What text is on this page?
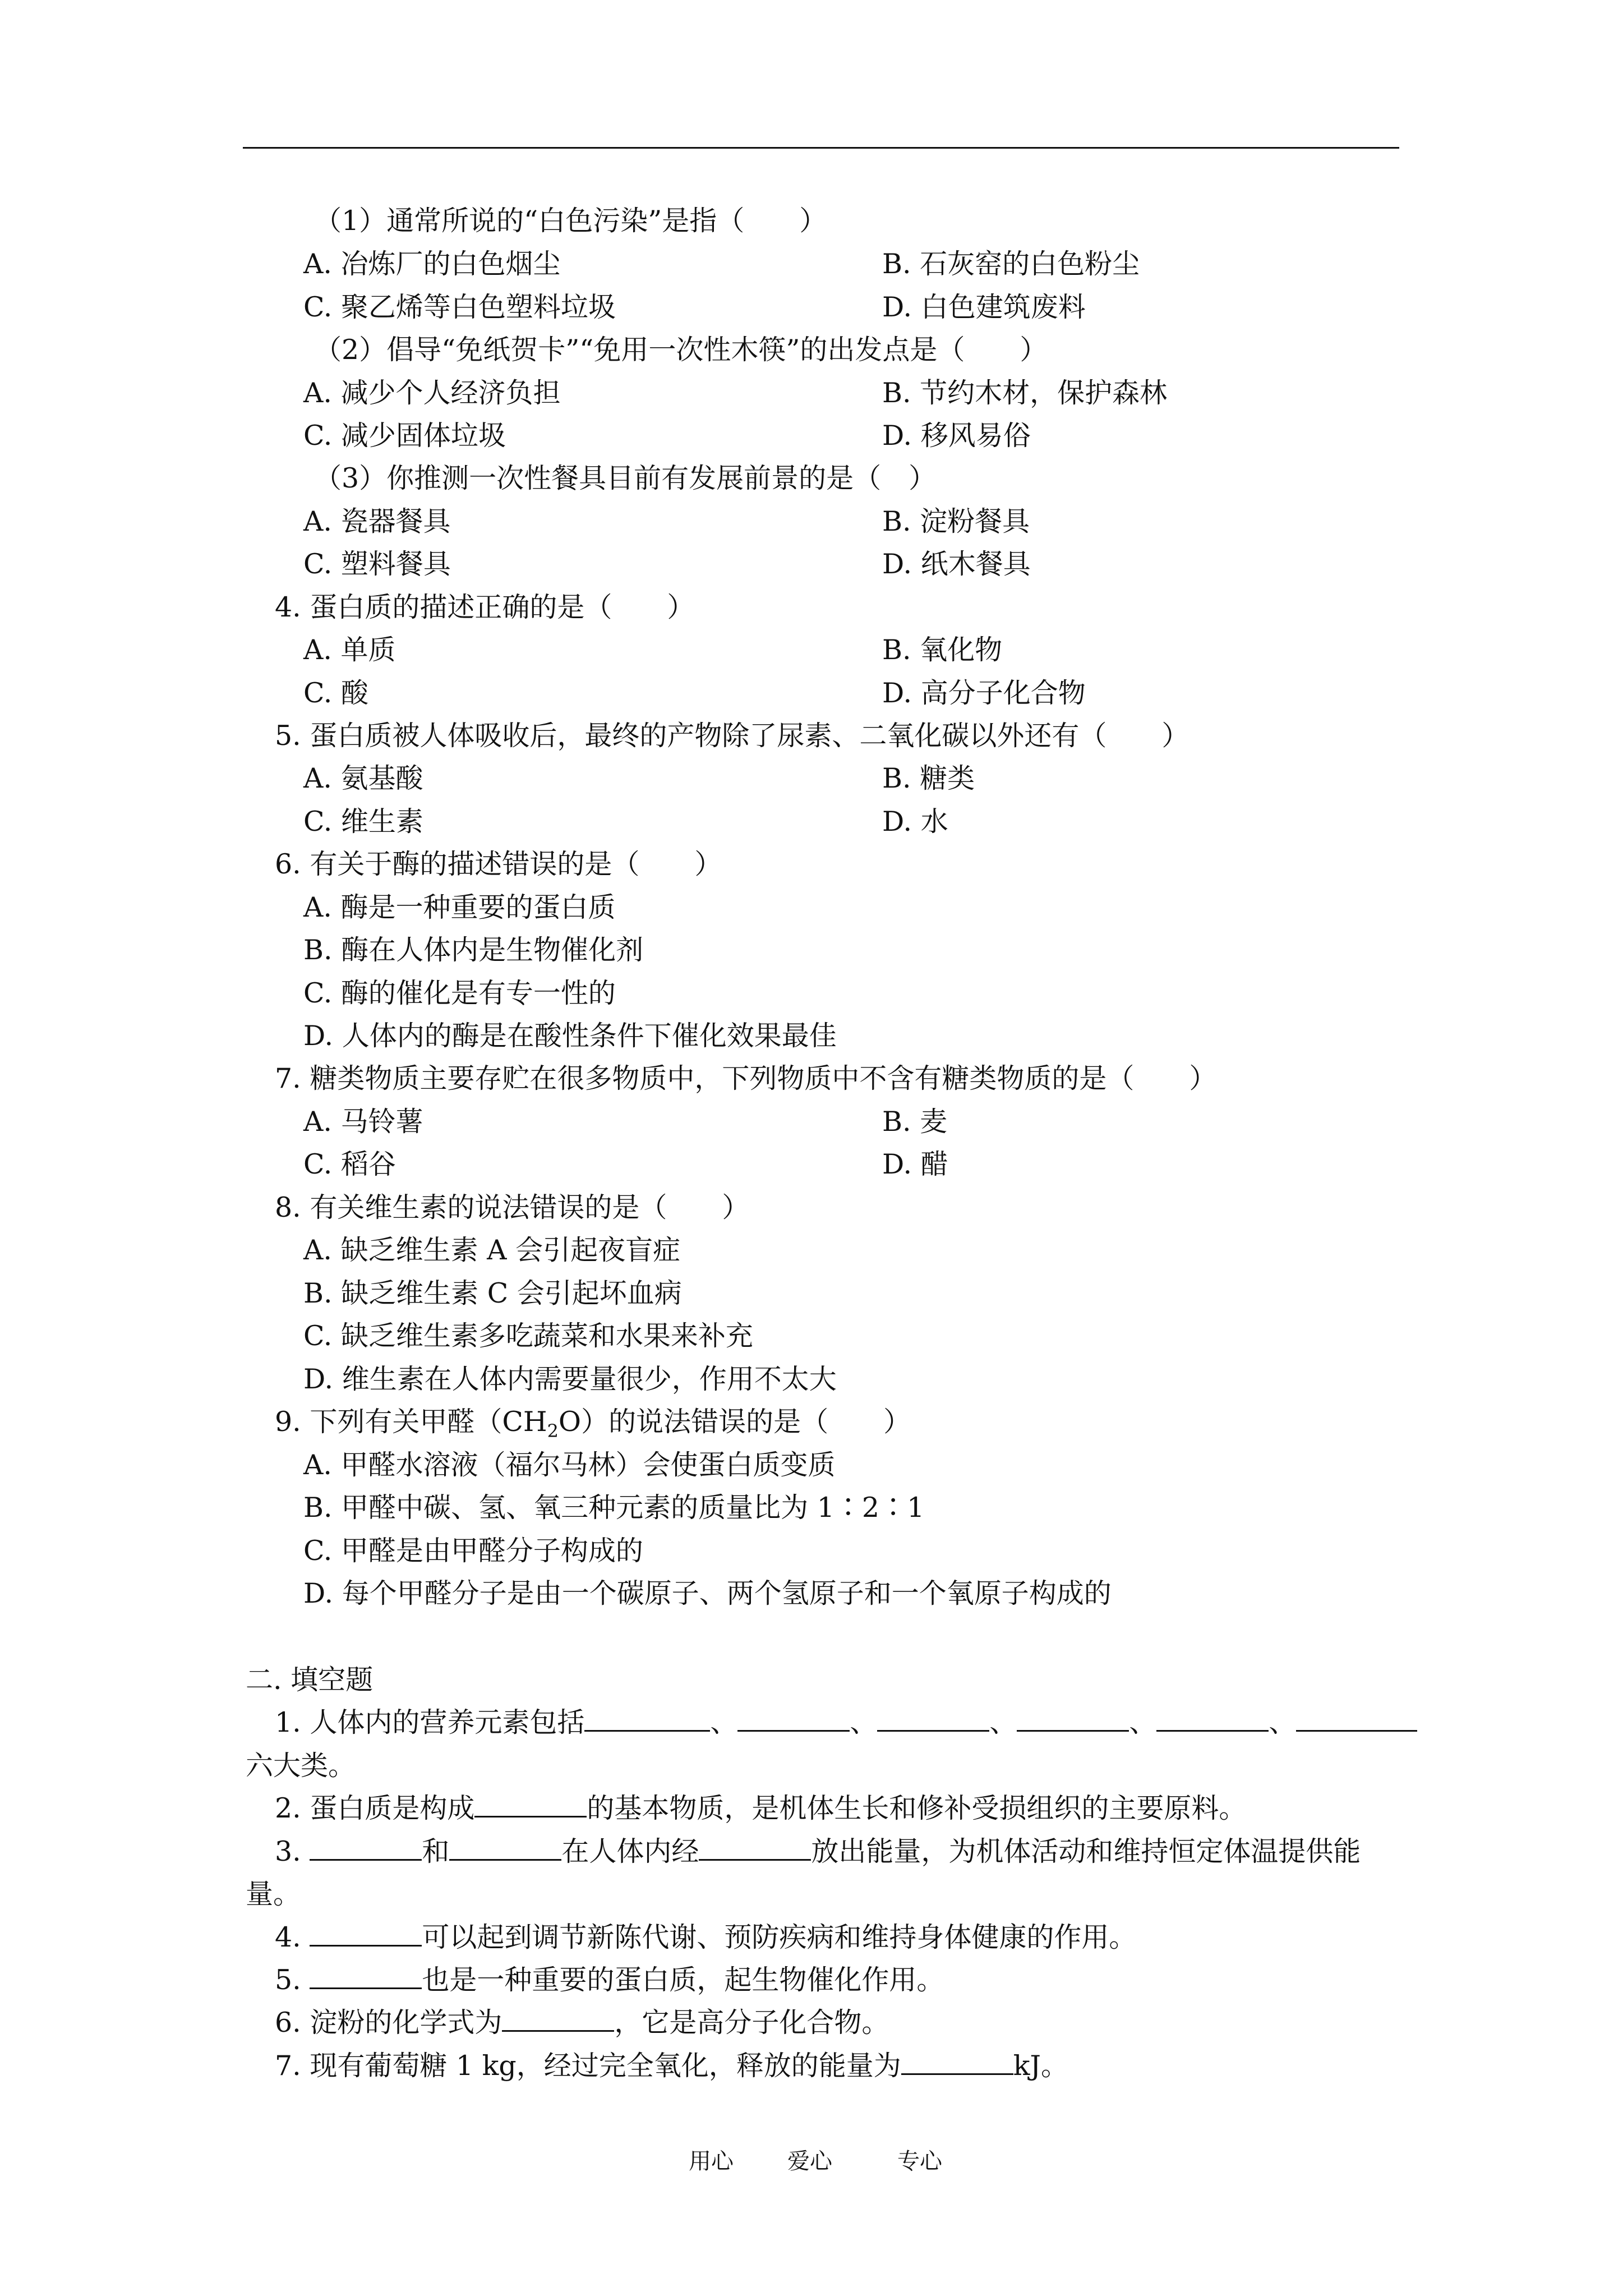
（1）通常所说的“白色污染”是指（　　）
A. 冶炼厂的白色烟尘	B. 石灰窑的白色粉尘
C. 聚乙烯等白色塑料垃圾	D. 白色建筑废料
（2）倡导“免纸贺卡”“免用一次性木筷”的出发点是（　　）
A. 减少个人经济负担	B. 节约木材，保护森林
C. 减少固体垃圾	D. 移风易俗
（3）你推测一次性餐具目前有发展前景的是（　）
A. 瓷器餐具	B. 淀粉餐具
C. 塑料餐具	D. 纸木餐具
4. 蛋白质的描述正确的是（　　）
A. 单质	B. 氧化物
C. 酸	D. 高分子化合物
5. 蛋白质被人体吸收后，最终的产物除了尿素、二氧化碳以外还有（　　）
A. 氨基酸	B. 糖类
C. 维生素	D. 水
6. 有关于酶的描述错误的是（　　）
A. 酶是一种重要的蛋白质
B. 酶在人体内是生物催化剂
C. 酶的催化是有专一性的
D. 人体内的酶是在酸性条件下催化效果最佳
7. 糖类物质主要存贮在很多物质中，下列物质中不含有糖类物质的是（　　）
A. 马铃薯	B. 麦
C. 稻谷	D. 醋
8. 有关维生素的说法错误的是（　　）
A. 缺乏维生素 A 会引起夜盲症
B. 缺乏维生素 C 会引起坏血病
C. 缺乏维生素多吃蔬菜和水果来补充
D. 维生素在人体内需要量很少，作用不太大
9. 下列有关甲醛$(CH_2O)$的说法错误的是（　　）
A. 甲醛水溶液（福尔马林）会使蛋白质变质
B. 甲醛中碳、氢、氧三种元素的质量比为 1∶2∶1
C. 甲醛是由甲醛分子构成的
D. 每个甲醛分子是由一个碳原子、两个氢原子和一个氧原子构成的
二. 填空题
1. 人体内的营养元素包括	、	、	、	、	、
六大类。
2. 蛋白质是构成	的基本物质，是机体生长和修补受损组织的主要原料。
3.	和	在人体内经	放出能量，为机体活动和维持恒定体温提供能
量。
4.	可以起到调节新陈代谢、预防疾病和维持身体健康的作用。
5.	也是一种重要的蛋白质，起生物催化作用。
6. 淀粉的化学式为	，它是高分子化合物。
7. 现有葡萄糖 1 kg，经过完全氧化，释放的能量为	kJ。
用心 爱心	专心
